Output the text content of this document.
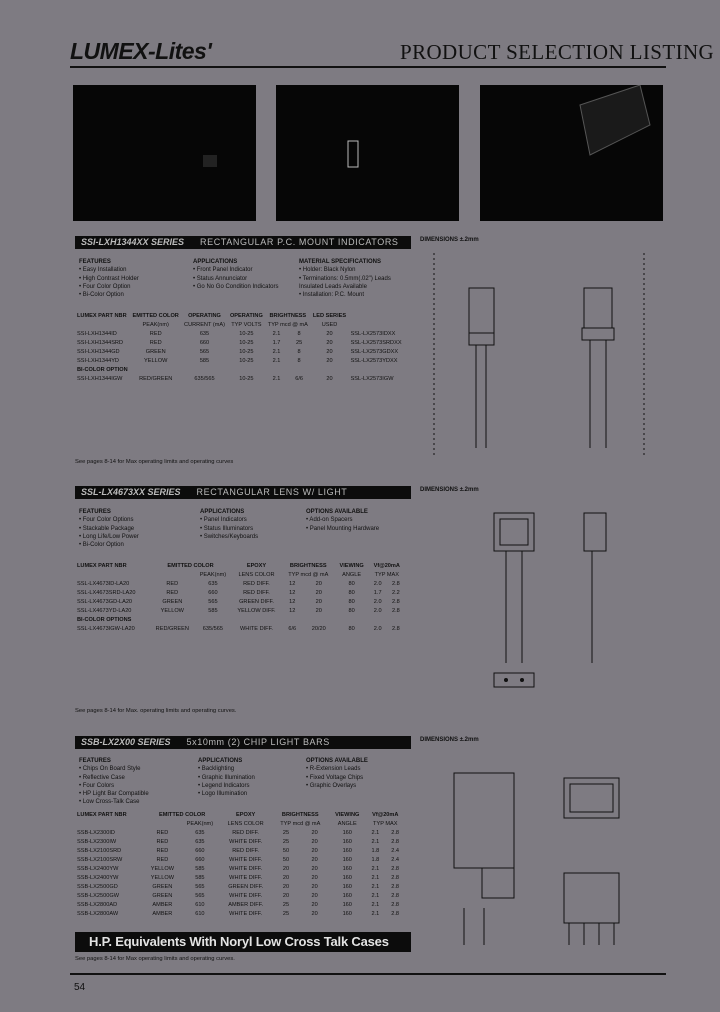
LUMEX-Lites'	PRODUCT SELECTION LISTING
SSI-LXH1344XX SERIES RECTANGULAR P.C. MOUNT INDICATORS
FEATURES
• Easy Installation
• High Contrast Holder
• Four Color Option
• Bi-Color Option
APPLICATIONS
• Front Panel Indicator
• Status Annunciator
• Go No Go Condition Indicators
MATERIAL SPECIFICATIONS
• Holder: Black Nylon
• Terminations: 0.5mm(.02") Leads
Insulated Leads Available
• Installation: P.C. Mount
LUMEX PART NBR	EMITTED COLOR	OPERATING	OPERATING	BRIGHTNESS		LED SERIES	
	PEAK(nm)	CURRENT (mA)	TYP VOLTS	TYP mcd @ mA		USED	
SSI-LXH1344ID	RED	635	10-25	2.1	8	20	SSL-LX2573IDXX
SSI-LXH1344SRD	RED	660	10-25	1.7	25	20	SSL-LX2573SRDXX
SSI-LXH1344GD	GREEN	565	10-25	2.1	8	20	SSL-LX2573GDXX
SSI-LXH1344YD	YELLOW	585	10-25	2.1	8	20	SSL-LX2573YDXX
BI-COLOR OPTION							
SSI-LXH1344IGW	RED/GREEN	635/565	10-25	2.1	6/6	20	SSL-LX2573IGW
See pages 8-14 for Max operating limits and operating curves
DIMENSIONS ±.2mm
SSL-LX4673XX SERIES RECTANGULAR LENS W/ LIGHT
FEATURES
• Four Color Options
• Stackable Package
• Long Life/Low Power
• Bi-Color Option
APPLICATIONS
• Panel Indicators
• Status Illuminators
• Switches/Keyboards
OPTIONS AVAILABLE
• Add-on Spacers
• Panel Mounting Hardware
LUMEX PART NBR	EMITTED COLOR		EPOXY	BRIGHTNESS		VIEWING	Vf@20mA	
		PEAK(nm)	LENS COLOR	TYP mcd @ mA		ANGLE	TYP MAX	
SSL-LX4673ID-LA20	RED	635	RED DIFF.	12	20	80	2.0	2.8
SSL-LX4673SRD-LA20	RED	660	RED DIFF.	12	20	80	1.7	2.2
SSL-LX4673GD-LA20	GREEN	565	GREEN DIFF.	12	20	80	2.0	2.8
SSL-LX4673YD-LA20	YELLOW	585	YELLOW DIFF.	12	20	80	2.0	2.8
BI-COLOR OPTIONS								
SSL-LX4673IGW-LA20	RED/GREEN	635/565	WHITE DIFF.	6/6	20/20	80	2.0	2.8
See pages 8-14 for Max. operating limits and operating curves.
DIMENSIONS ±.2mm
SSB-LX2X00 SERIES 5x10mm (2) CHIP LIGHT BARS
FEATURES
• Chips On Board Style
• Reflective Case
• Four Colors
• HP Light Bar Compatible
• Low Cross-Talk Case
APPLICATIONS
• Backlighting
• Graphic Illumination
• Legend Indicators
• Logo Illumination
OPTIONS AVAILABLE
• R-Extension Leads
• Fixed Voltage Chips
• Graphic Overlays
LUMEX PART NBR	EMITTED COLOR		EPOXY	BRIGHTNESS		VIEWING	Vf@20mA	
		PEAK(nm)	LENS COLOR	TYP mcd @ mA		ANGLE	TYP MAX	
SSB-LX2300ID	RED	635	RED DIFF.	25	20	160	2.1	2.8
SSB-LX2300IW	RED	635	WHITE DIFF.	25	20	160	2.1	2.8
SSB-LX2100SRD	RED	660	RED DIFF.	50	20	160	1.8	2.4
SSB-LX2100SRW	RED	660	WHITE DIFF.	50	20	160	1.8	2.4
SSB-LX2400YW	YELLOW	585	WHITE DIFF.	20	20	160	2.1	2.8
SSB-LX2400YW	YELLOW	585	WHITE DIFF.	20	20	160	2.1	2.8
SSB-LX2500GD	GREEN	565	GREEN DIFF.	20	20	160	2.1	2.8
SSB-LX2500GW	GREEN	565	WHITE DIFF.	20	20	160	2.1	2.8
SSB-LX2800AD	AMBER	610	AMBER DIFF.	25	20	160	2.1	2.8
SSB-LX2800AW	AMBER	610	WHITE DIFF.	25	20	160	2.1	2.8
H.P. Equivalents With Noryl Low Cross Talk Cases
See pages 8-14 for Max operating limits and operating curves.
DIMENSIONS ±.2mm
54
